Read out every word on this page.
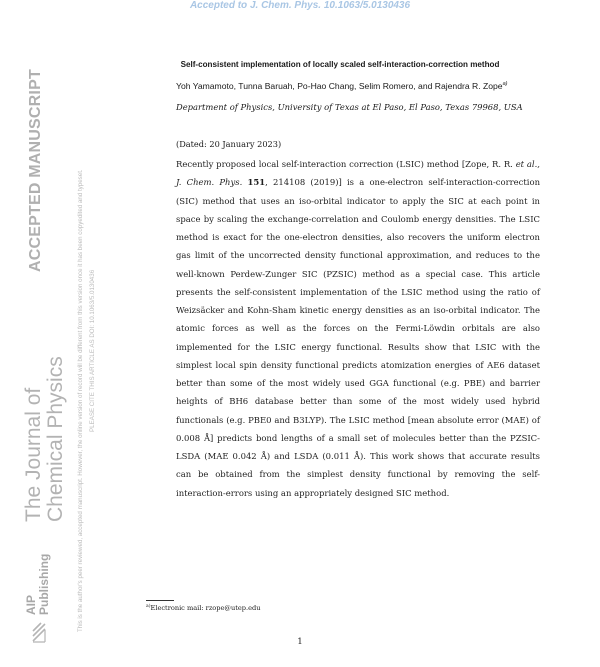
Accepted to J. Chem. Phys. 10.1063/5.0130436
ACCEPTED MANUSCRIPT
The Journal of Chemical Physics
AIP Publishing	This is the author's peer reviewed, accepted manuscript. However, the online version of record will be different from this version once it has been copyedited and typeset. PLEASE CITE THIS ARTICLE AS DOI: 10.1063/5.0130436
Self-consistent implementation of locally scaled self-interaction-correction method
Yoh Yamamoto, Tunna Baruah, Po-Hao Chang, Selim Romero, and Rajendra R. Zope$^{a)}$
Department of Physics, University of Texas at El Paso, El Paso, Texas 79968, USA
(Dated: 20 January 2023)

Recently proposed local self-interaction correction (LSIC) method [Zope, R. R. et al., J. Chem. Phys. 151, 214108 (2019)] is a one-electron self-interaction-correction (SIC) method that uses an iso-orbital indicator to apply the SIC at each point in space by scaling the exchange-correlation and Coulomb energy densities. The LSIC method is exact for the one-electron densities, also recovers the uniform electron gas limit of the uncorrected density functional approximation, and reduces to the well-known Perdew-Zunger SIC (PZSIC) method as a special case. This article presents the self-consistent implementation of the LSIC method using the ratio of Weizsäcker and Kohn-Sham kinetic energy densities as an iso-orbital indicator. The atomic forces as well as the forces on the Fermi-Löwdin orbitals are also implemented for the LSIC energy functional. Results show that LSIC with the simplest local spin density functional predicts atomization energies of AE6 dataset better than some of the most widely used GGA functional (e.g. PBE) and barrier heights of BH6 database better than some of the most widely used hybrid functionals (e.g. PBE0 and B3LYP). The LSIC method [mean absolute error (MAE) of 0.008 Å] predicts bond lengths of a small set of molecules better than the PZSIC-LSDA (MAE 0.042 Å) and LSDA (0.011 Å). This work shows that accurate results can be obtained from the simplest density functional by removing the self-interaction-errors using an appropriately designed SIC method.

$^{a)}$Electronic mail: rzope@utep.edu
1
